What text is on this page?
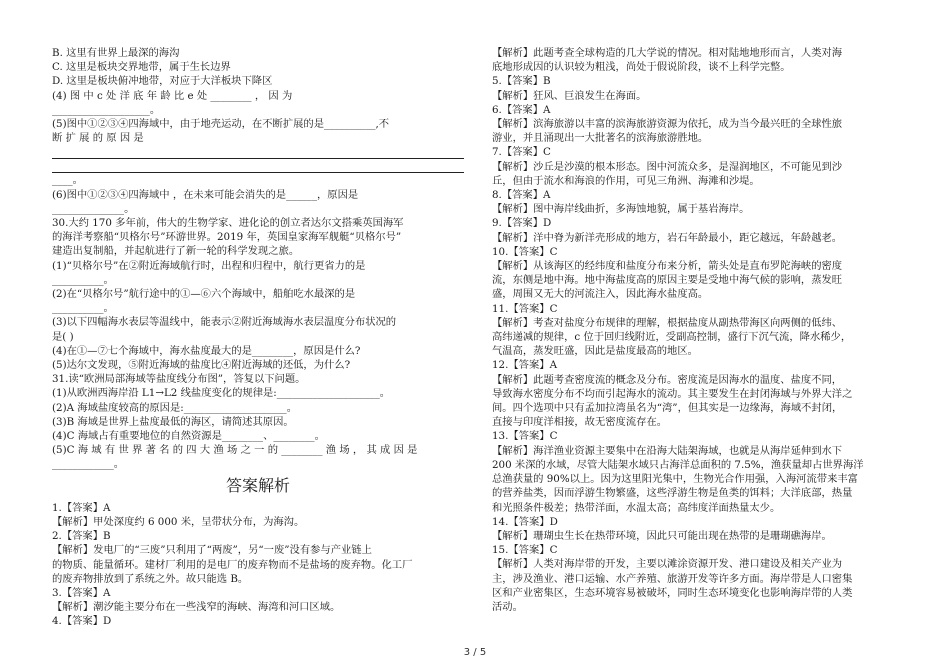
B. 这里有世界上最深的海沟
C. 这里是板块交界地带，属于生长边界
D. 这里是板块俯冲地带，对应于大洋板块下降区
(4) 图 中 c 处 洋 底 年 龄 比 e 处 ________ ， 因 为
___________________。
(5)图中①②③④四海域中，由于地壳运动，在不断扩展的是__________,不
断 扩 展 的 原 因 是
____。
(6)图中①②③④四海域中 ，在未来可能会消失的是______，原因是
______________。
30.大约 170 多年前，伟大的生物学家、进化论的创立者达尔文搭乘英国海军
的海洋考察船“贝格尔号”环游世界。2019 年，英国皇家海军舰艇“贝格尔号”
建造出复制船，并起航进行了新一轮的科学发现之旅。
(1)“贝格尔号”在②附近海域航行时，出程和归程中，航行更省力的是
__________。
(2)在“贝格尔号”航行途中的①—⑥六个海域中，船舶吃水最深的是
__________。
(3)以下四幅海水表层等温线中，能表示②附近海域海水表层温度分布状况的
是( )
(4)在①—⑦七个海域中，海水盐度最大的是________，原因是什么?
(5)达尔文发现，⑤附近海域的盐度比④附近海域的还低，为什么?
31.读“欧洲局部海域等盐度线分布图”，答复以下问题。
(1)从欧洲西海岸沿 L1→L2 线盐度变化的规律是:____________________。
(2)A 海域盐度较高的原因是:____________________。
(3)B 海域是世界上盐度最低的海区，请简述其原因。
(4)C 海域占有重要地位的自然资源是________、________。
(5)C 海 域 有 世 界 著 名 的 四 大 渔 场 之 一 的 ________ 渔 场 ， 其 成 因 是
____________。
答案解析
1.【答案】A
【解析】甲处深度约 6 000 米，呈带状分布，为海沟。
2.【答案】B
【解析】发电厂的“三废”只利用了“两废”，另“一废”没有参与产业链上
的物质、能量循环。建材厂利用的是电厂的废弃物而不是盐场的废弃物。化工厂
的废弃物排放到了系统之外。故只能选 B。
3.【答案】A
【解析】潮汐能主要分布在一些浅窄的海峡、海湾和河口区域。
4.【答案】D
【解析】此题考查全球构造的几大学说的情况。相对陆地地形而言，人类对海
底地形成因的认识较为粗浅，尚处于假说阶段，谈不上科学完整。
5.【答案】B
【解析】狂风、巨浪发生在海面。
6.【答案】A
【解析】滨海旅游以丰富的滨海旅游资源为依托，成为当今最兴旺的全球性旅
游业，并且涌现出一大批著名的滨海旅游胜地。
7.【答案】C
【解析】沙丘是沙漠的根本形态。图中河流众多，是湿润地区，不可能见到沙
丘，但由于流水和海浪的作用，可见三角洲、海滩和沙堤。
8.【答案】A
【解析】图中海岸线曲折，多海蚀地貌，属于基岩海岸。
9.【答案】D
【解析】洋中脊为新洋壳形成的地方，岩石年龄最小，距它越远，年龄越老。
10.【答案】C
【解析】从该海区的经纬度和盐度分布来分析，箭头处是直布罗陀海峡的密度
流，东侧是地中海。地中海盐度高的原因主要是受地中海气候的影响，蒸发旺
盛，周围又无大的河流注入，因此海水盐度高。
11.【答案】C
【解析】考查对盐度分布规律的理解，根据盐度从副热带海区向两侧的低纬、
高纬递减的规律，c 位于回归线附近，受副高控制，盛行下沉气流，降水稀少，
气温高，蒸发旺盛，因此是盐度最高的地区。
12.【答案】A
【解析】此题考查密度流的概念及分布。密度流是因海水的温度、盐度不同，
导致海水密度分布不均而引起海水的流动。其主要发生在封闭海域与外界大洋之
间。四个选项中只有孟加拉湾虽名为“湾”，但其实是一边缘海，海域不封闭，
直接与印度洋相接，故无密度流存在。
13.【答案】C
【解析】海洋渔业资源主要集中在沿海大陆架海域，也就是从海岸延伸到水下
200 米深的水域，尽管大陆架水域只占海洋总面积的 7.5%，渔获量却占世界海洋
总渔获量的 90%以上。因为这里阳光集中，生物光合作用强，入海河流带来丰富
的营养盐类，因而浮游生物繁盛，这些浮游生物是鱼类的饵料；大洋底部，热量
和光照条件极差；热带洋面，水温太高；高纬度洋面热量太少。
14.【答案】D
【解析】珊瑚虫生长在热带环境，因此只可能出现在热带的是珊瑚礁海岸。
15.【答案】C
【解析】人类对海岸带的开发，主要以滩涂资源开发、港口建设及相关产业为
主，涉及渔业、港口运输、水产养殖、旅游开发等许多方面。海岸带是人口密集
区和产业密集区，生态环境容易被破坏，同时生态环境变化也影响海岸带的人类
活动。
3 / 5
